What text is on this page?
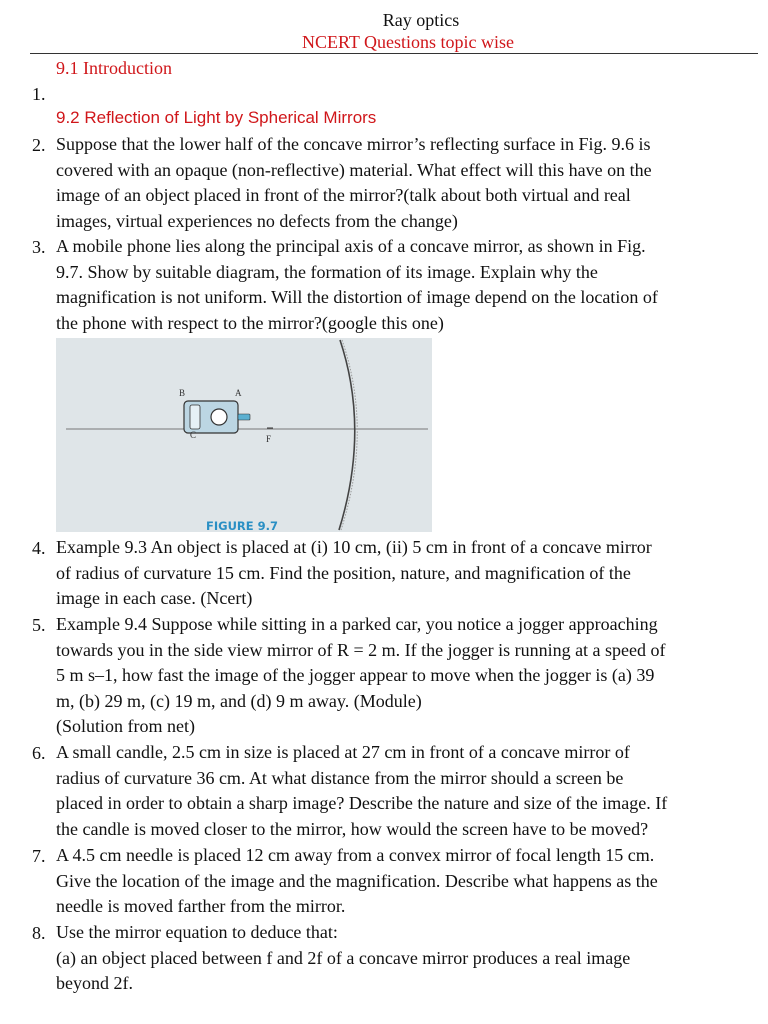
Ray optics
NCERT Questions topic wise
9.1 Introduction
1.
9.2 Reflection of Light by Spherical Mirrors
2. Suppose that the lower half of the concave mirror’s reflecting surface in Fig. 9.6 is
covered with an opaque (non-reflective) material. What effect will this have on the
image of an object placed in front of the mirror?(talk about both virtual and real
images, virtual experiences no defects from the change)
3. A mobile phone lies along the principal axis of a concave mirror, as shown in Fig.
9.7. Show by suitable diagram, the formation of its image. Explain why the
magnification is not uniform. Will the distortion of image depend on the location of
the phone with respect to the mirror?(google this one)
B	A
C	F
FIGURE 9.7
4. Example 9.3 An object is placed at (i) 10 cm, (ii) 5 cm in front of a concave mirror
of radius of curvature 15 cm. Find the position, nature, and magnification of the
image in each case. (Ncert)
5. Example 9.4 Suppose while sitting in a parked car, you notice a jogger approaching
towards you in the side view mirror of R = 2 m. If the jogger is running at a speed of
5 m s–1, how fast the image of the jogger appear to move when the jogger is (a) 39
m, (b) 29 m, (c) 19 m, and (d) 9 m away. (Module)
(Solution from net)
6. A small candle, 2.5 cm in size is placed at 27 cm in front of a concave mirror of
radius of curvature 36 cm. At what distance from the mirror should a screen be
placed in order to obtain a sharp image? Describe the nature and size of the image. If
the candle is moved closer to the mirror, how would the screen have to be moved?
7. A 4.5 cm needle is placed 12 cm away from a convex mirror of focal length 15 cm.
Give the location of the image and the magnification. Describe what happens as the
needle is moved farther from the mirror.
8. Use the mirror equation to deduce that:
(a) an object placed between f and 2f of a concave mirror produces a real image
beyond 2f.
